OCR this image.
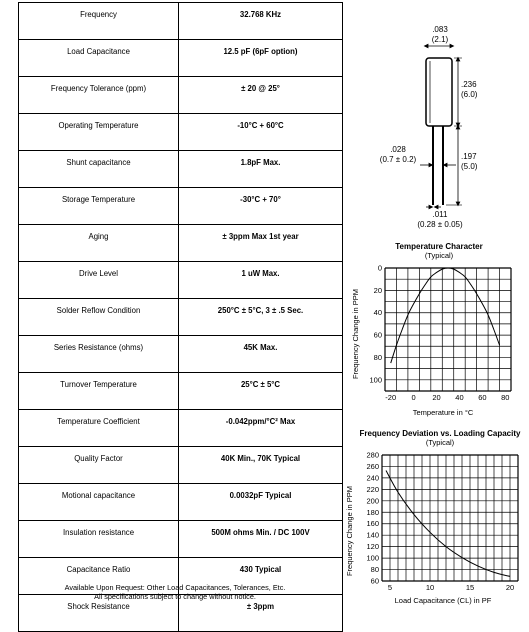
Frequency	32.768 KHz
Load Capacitance	12.5 pF (6pF option)
Frequency Tolerance (ppm)	± 20 @ 25°
Operating Temperature	-10°C + 60°C
Shunt capacitance	1.8pF Max.
Storage Temperature	-30°C + 70°
Aging	± 3ppm Max 1st year
Drive Level	1 uW Max.
Solder Reflow Condition	250°C ± 5°C, 3 ± .5 Sec.
Series Resistance (ohms)	45K Max.
Turnover Temperature	25°C ± 5°C
Temperature Coefficient	-0.042ppm/°C² Max
Quality Factor	40K Min., 70K Typical
Motional capacitance	0.0032pF Typical
Insulation resistance	500M ohms Min. / DC 100V
Capacitance Ratio	430 Typical
Shock Resistance	± 3ppm
Available Upon Request: Other Load Capacitances, Tolerances, Etc.
All specifications subject to change without notice.
.083
(2.1)
.236
(6.0)
.197
(5.0)
.028
(0.7 ± 0.2)
.011
(0.28 ± 0.05)
Temperature Character
(Typical)
Frequency Change in PPM
Temperature in °C
-20 0 20 40 60 80
0
20
40
60
80
100
Frequency Deviation vs. Loading Capacity
(Typical)
Frequency Change in PPM
Load Capacitance (CL) in PF
5	10	15	20
60
80
100
120
140
160
180
200
220
240
260
280
